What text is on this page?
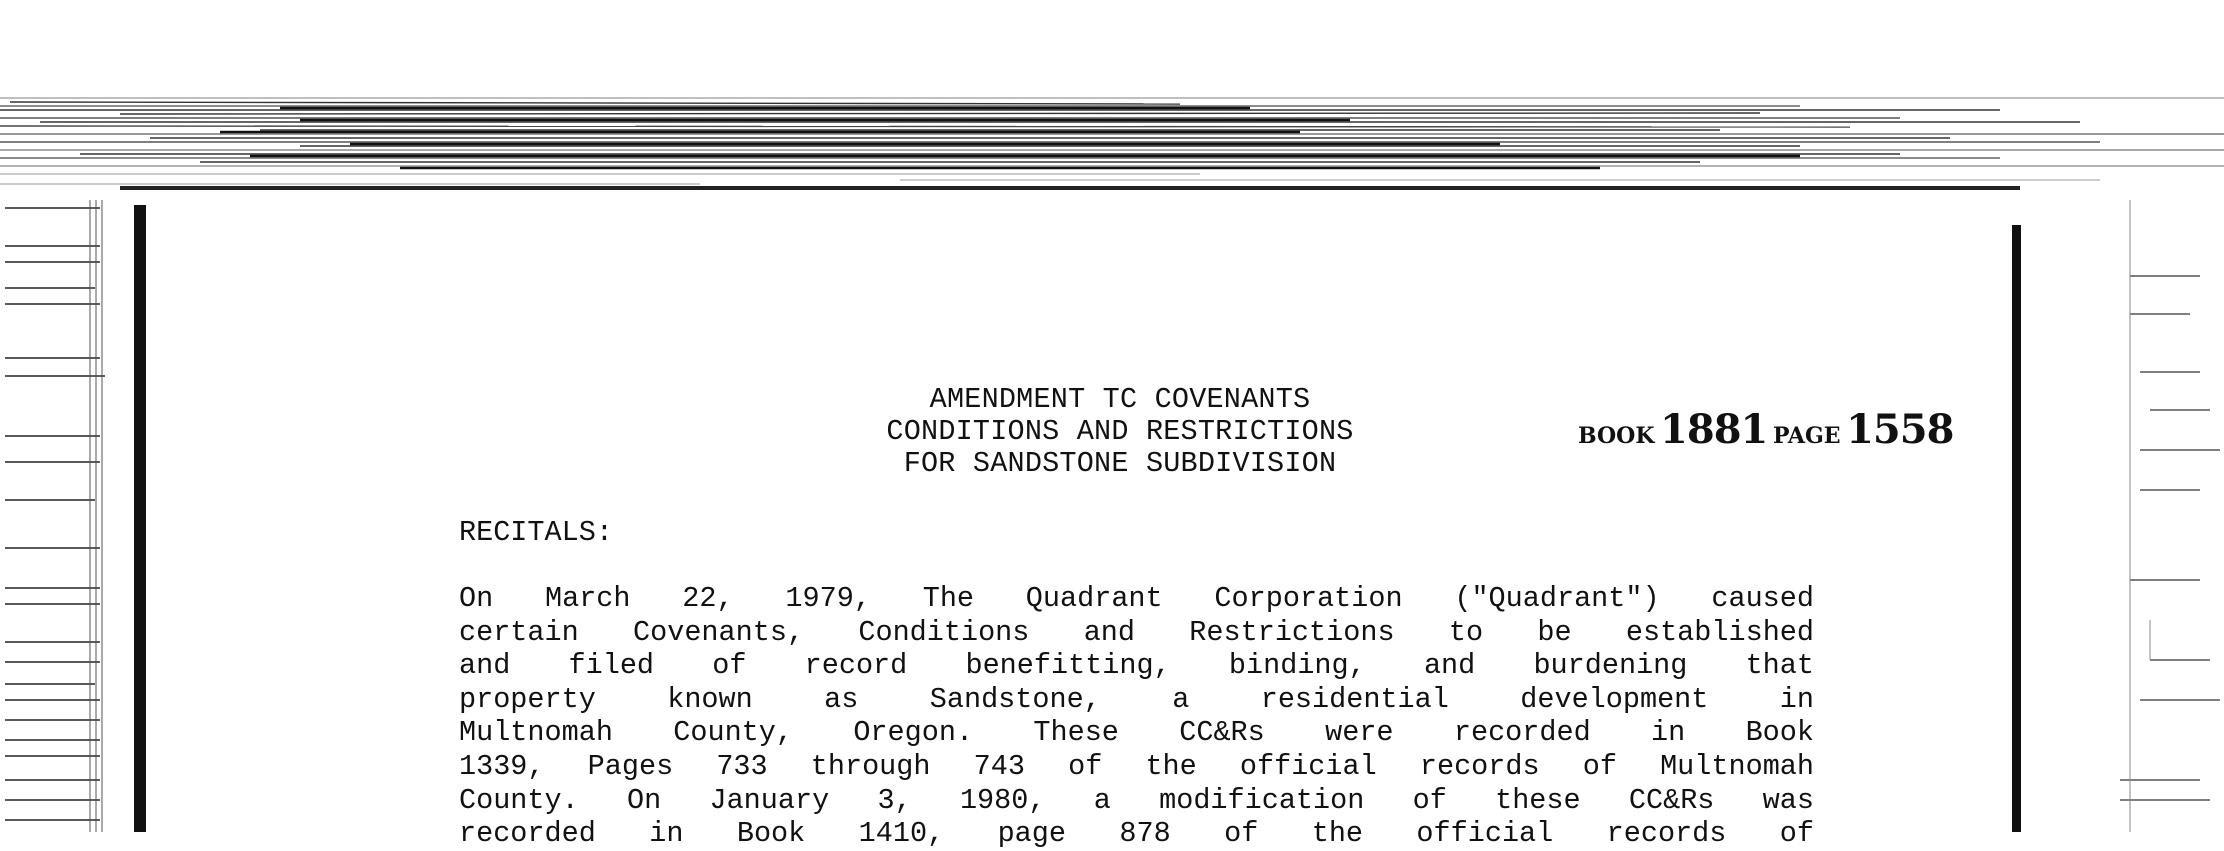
AMENDMENT TC COVENANTS
CONDITIONS AND RESTRICTIONS
FOR SANDSTONE SUBDIVISION
BOOK 1881 PAGE 1558
RECITALS:
On March 22, 1979, The Quadrant Corporation ("Quadrant") caused
certain Covenants, Conditions and Restrictions to be established
and filed of record benefitting, binding, and burdening that
property known as Sandstone, a residential development in
Multnomah County, Oregon. These CC&Rs were recorded in Book
1339, Pages 733 through 743 of the official records of Multnomah
County. On January 3, 1980, a modification of these CC&Rs was
recorded in Book 1410, page 878 of the official records of
